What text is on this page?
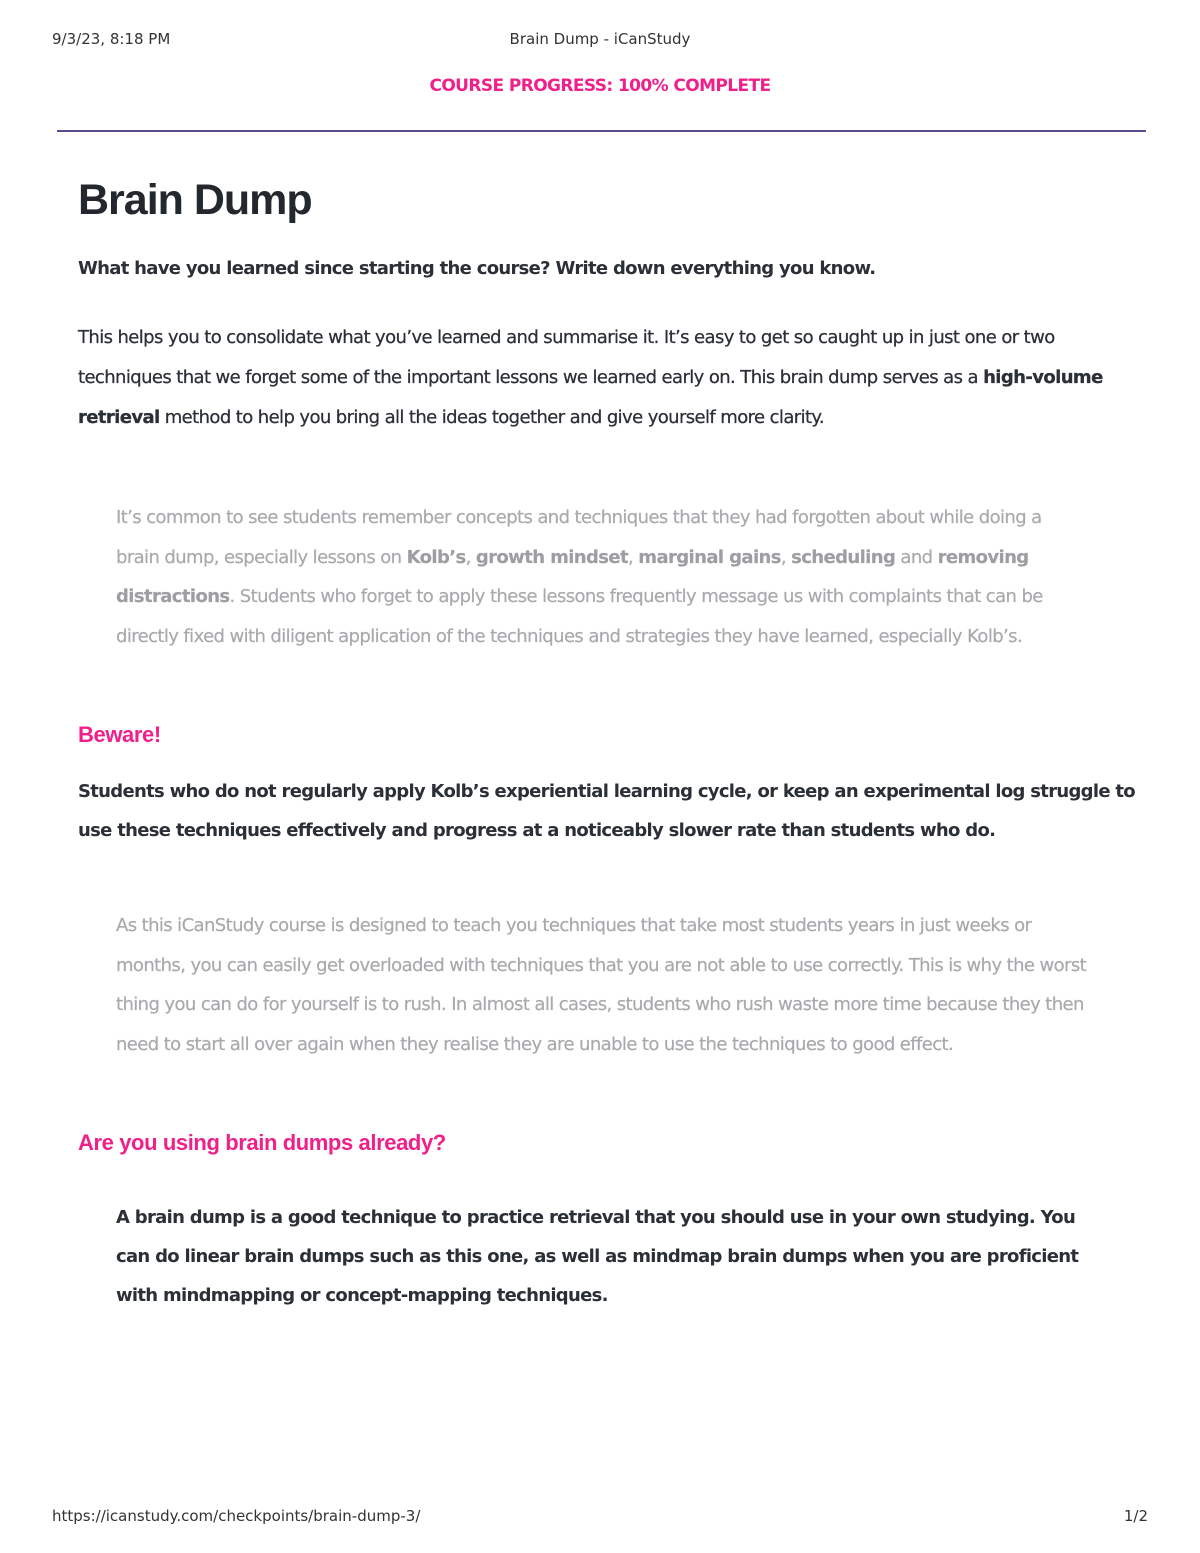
9/3/23, 8:18 PM	Brain Dump - iCanStudy
COURSE PROGRESS: 100% COMPLETE
Brain Dump

What have you learned since starting the course? Write down everything you know.

This helps you to consolidate what you’ve learned and summarise it. It’s easy to get so caught up in just one or two techniques that we forget some of the important lessons we learned early on. This brain dump serves as a high-volume retrieval method to help you bring all the ideas together and give yourself more clarity.

It’s common to see students remember concepts and techniques that they had forgotten about while doing a brain dump, especially lessons on Kolb’s, growth mindset, marginal gains, scheduling and removing distractions. Students who forget to apply these lessons frequently message us with complaints that can be directly fixed with diligent application of the techniques and strategies they have learned, especially Kolb’s.

Beware!

Students who do not regularly apply Kolb’s experiential learning cycle, or keep an experimental log struggle to use these techniques effectively and progress at a noticeably slower rate than students who do.

As this iCanStudy course is designed to teach you techniques that take most students years in just weeks or months, you can easily get overloaded with techniques that you are not able to use correctly. This is why the worst thing you can do for yourself is to rush. In almost all cases, students who rush waste more time because they then need to start all over again when they realise they are unable to use the techniques to good effect.

Are you using brain dumps already?

A brain dump is a good technique to practice retrieval that you should use in your own studying. You can do linear brain dumps such as this one, as well as mindmap brain dumps when you are proficient with mindmapping or concept-mapping techniques.

https://icanstudy.com/checkpoints/brain-dump-3/	1/2
